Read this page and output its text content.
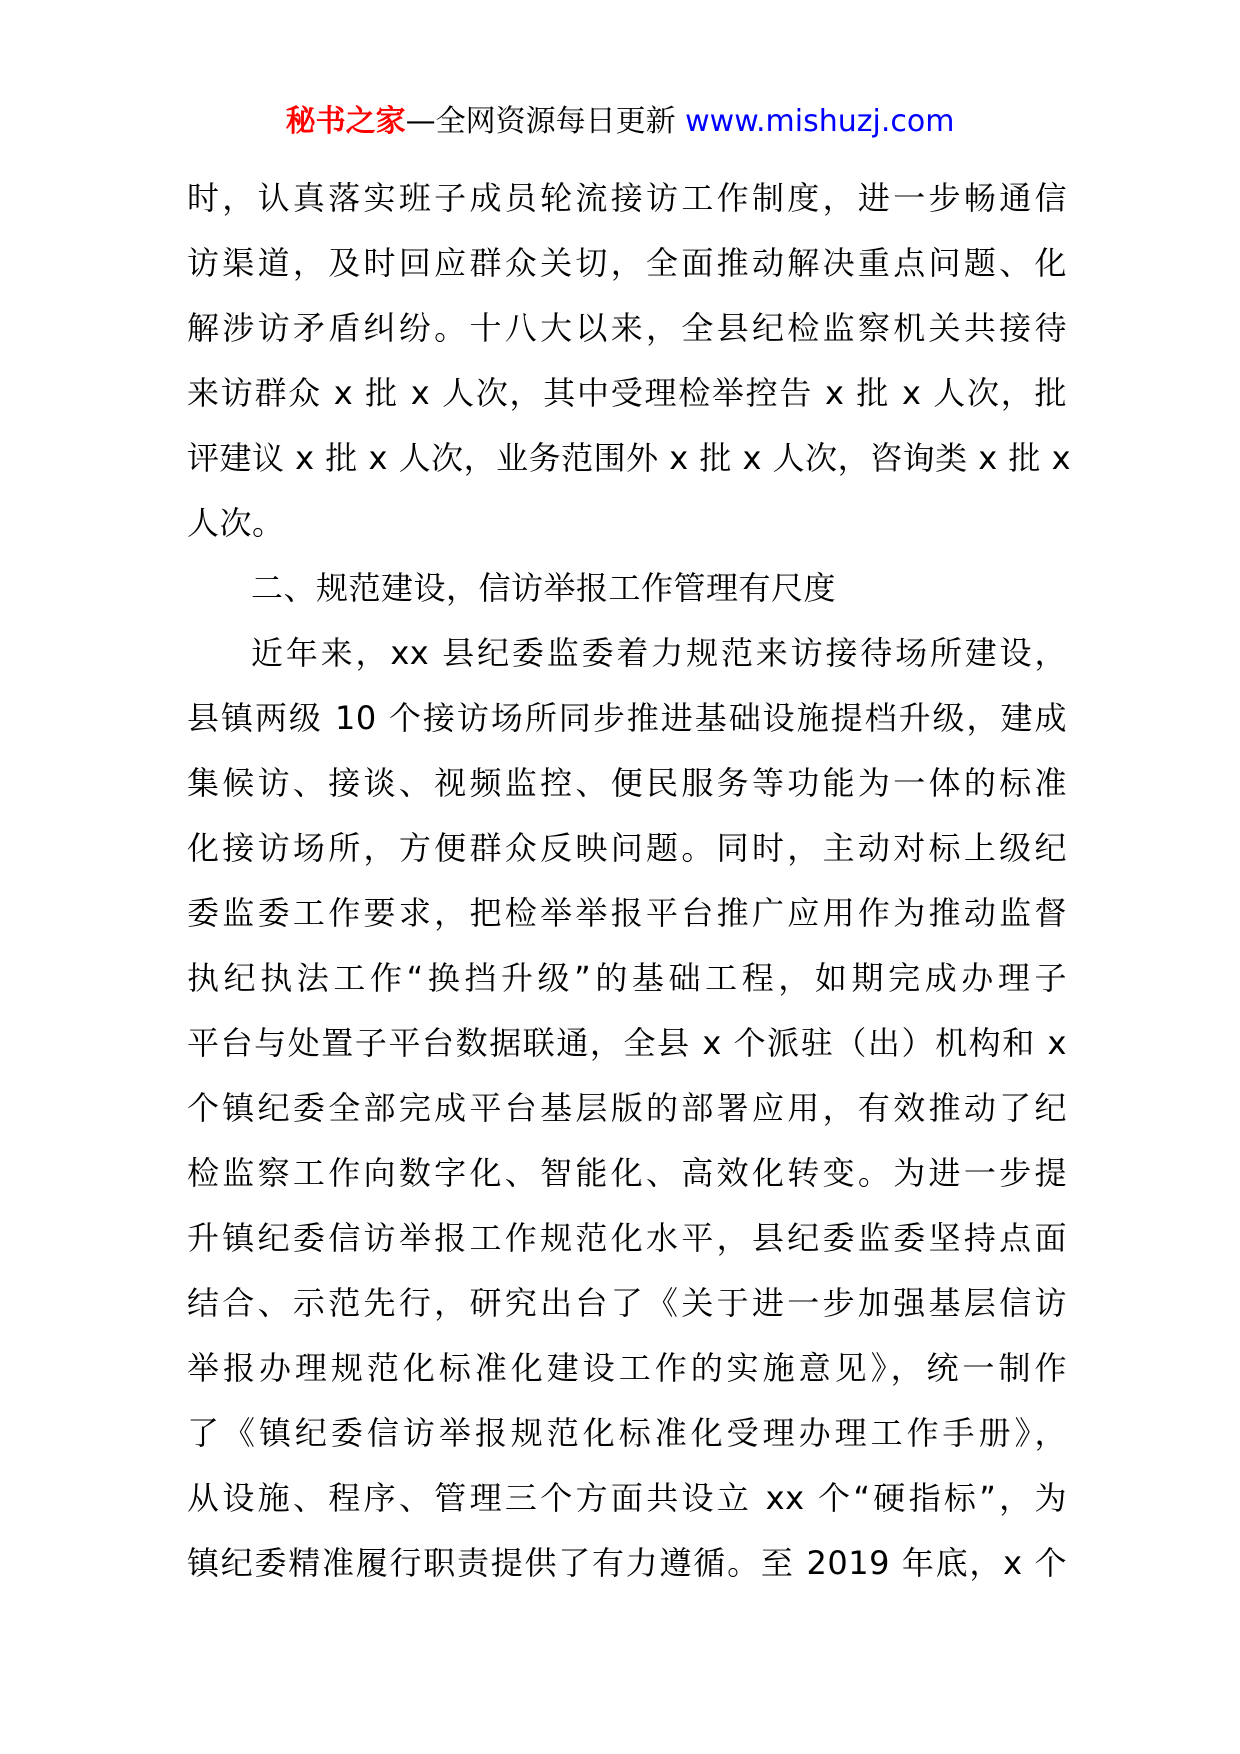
秘书之家—全网资源每日更新 www.mishuzj.com
时，认真落实班子成员轮流接访工作制度，进一步畅通信
访渠道，及时回应群众关切，全面推动解决重点问题、化
解涉访矛盾纠纷。十八大以来，全县纪检监察机关共接待
来访群众 x 批 x 人次，其中受理检举控告 x 批 x 人次，批
评建议 x 批 x 人次，业务范围外 x 批 x 人次，咨询类 x 批 x
人次。
二、规范建设，信访举报工作管理有尺度
近年来，xx 县纪委监委着力规范来访接待场所建设，
县镇两级 10 个接访场所同步推进基础设施提档升级，建成
集候访、接谈、视频监控、便民服务等功能为一体的标准
化接访场所，方便群众反映问题。同时，主动对标上级纪
委监委工作要求，把检举举报平台推广应用作为推动监督
执纪执法工作“换挡升级”的基础工程，如期完成办理子
平台与处置子平台数据联通，全县 x 个派驻（出）机构和 x
个镇纪委全部完成平台基层版的部署应用，有效推动了纪
检监察工作向数字化、智能化、高效化转变。为进一步提
升镇纪委信访举报工作规范化水平，县纪委监委坚持点面
结合、示范先行，研究出台了《关于进一步加强基层信访
举报办理规范化标准化建设工作的实施意见》，统一制作
了《镇纪委信访举报规范化标准化受理办理工作手册》，
从设施、程序、管理三个方面共设立 xx 个“硬指标”，为
镇纪委精准履行职责提供了有力遵循。至 2019 年底，x 个
